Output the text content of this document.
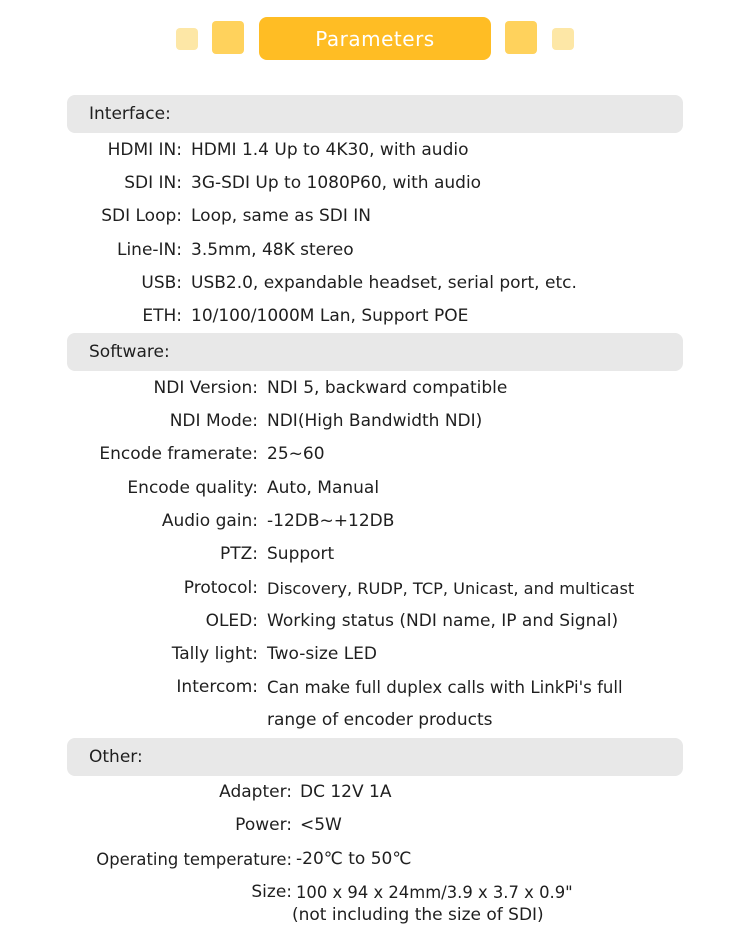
Parameters
Interface:
HDMI IN: HDMI 1.4 Up to 4K30, with audio
SDI IN: 3G-SDI Up to 1080P60, with audio
SDI Loop: Loop, same as SDI IN
Line-IN: 3.5mm, 48K stereo
USB: USB2.0, expandable headset, serial port, etc.
ETH: 10/100/1000M Lan, Support POE
Software:
NDI Version: NDI 5, backward compatible
NDI Mode: NDI(High Bandwidth NDI)
Encode framerate: 25~60
Encode quality: Auto, Manual
Audio gain: -12DB~+12DB
PTZ: Support
Protocol: Discovery, RUDP, TCP, Unicast, and multicast
OLED: Working status (NDI name, IP and Signal)
Tally light: Two-size LED
Intercom: Can make full duplex calls with LinkPi's full
range of encoder products
Other:
Adapter: DC 12V 1A
Power: <5W
Operating temperature: -20℃ to 50℃
Size: 100 x 94 x 24mm/3.9 x 3.7 x 0.9"
(not including the size of SDI)
